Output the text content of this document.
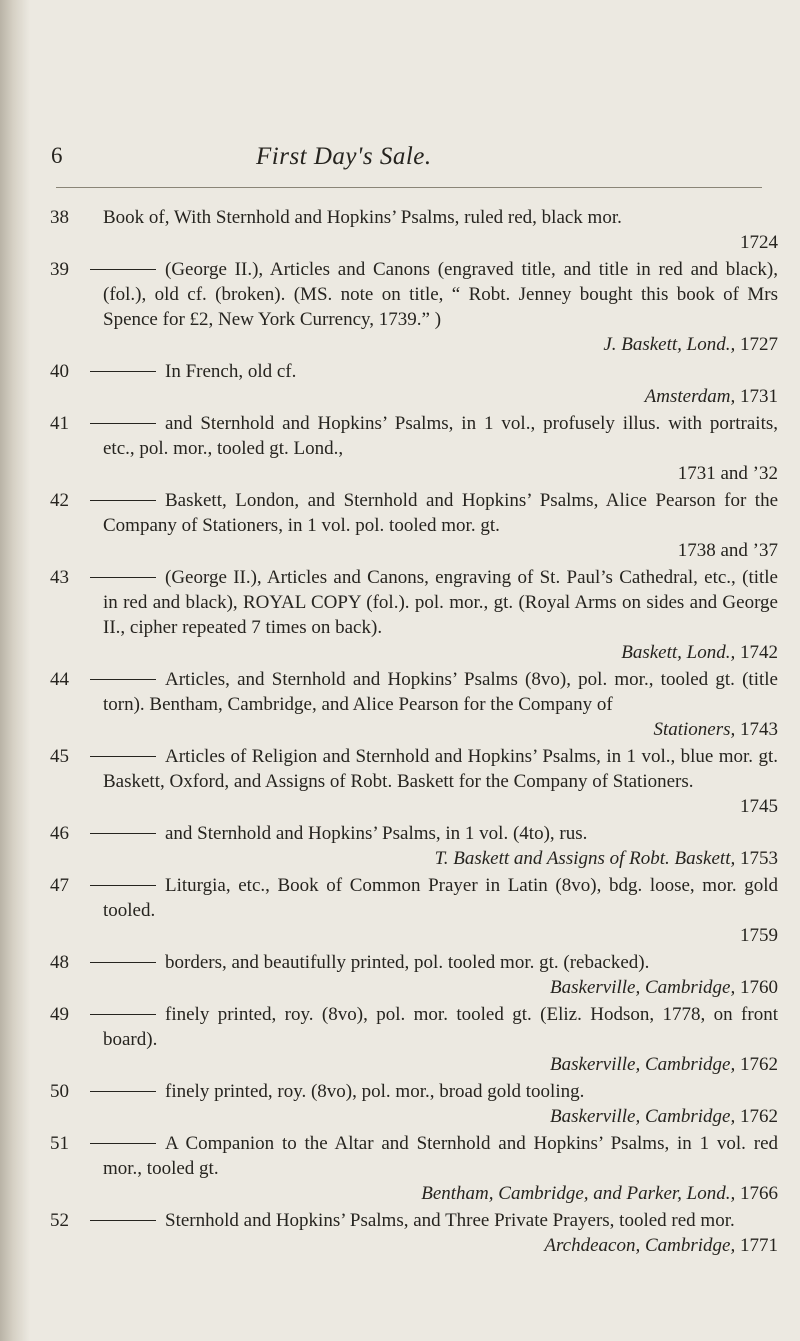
6	First Day's Sale.
38 Book of, With Sternhold and Hopkins’ Psalms, ruled red, black mor.
1724
39	(George II.), Articles and Canons (engraved title, and title in red and black), (fol.), old cf. (broken). (MS. note on title, “ Robt. Jenney bought this book of Mrs Spence for £2, New York Currency, 1739.” )
J. Baskett, Lond., 1727
40	In French, old cf.
Amsterdam, 1731
41	and Sternhold and Hopkins’ Psalms, in 1 vol., profusely illus. with portraits, etc., pol. mor., tooled gt. Lond.,
1731 and ’32
42	Baskett, London, and Sternhold and Hopkins’ Psalms, Alice Pearson for the Company of Stationers, in 1 vol. pol. tooled mor. gt.
1738 and ’37
43	(George II.), Articles and Canons, engraving of St. Paul’s Cathedral, etc., (title in red and black), ROYAL COPY (fol.). pol. mor., gt. (Royal Arms on sides and George II., cipher repeated 7 times on back).
Baskett, Lond., 1742
44	Articles, and Sternhold and Hopkins’ Psalms (8vo), pol. mor., tooled gt. (title torn). Bentham, Cambridge, and Alice Pearson for the Company of
Stationers, 1743
45	Articles of Religion and Sternhold and Hopkins’ Psalms, in 1 vol., blue mor. gt. Baskett, Oxford, and Assigns of Robt. Baskett for the Company of Stationers.
1745
46	and Sternhold and Hopkins’ Psalms, in 1 vol. (4to), rus.
T. Baskett and Assigns of Robt. Baskett, 1753
47	Liturgia, etc., Book of Common Prayer in Latin (8vo), bdg. loose, mor. gold tooled.
1759
48	borders, and beautifully printed, pol. tooled mor. gt. (rebacked).
Baskerville, Cambridge, 1760
49	finely printed, roy. (8vo), pol. mor. tooled gt. (Eliz. Hodson, 1778, on front board).
Baskerville, Cambridge, 1762
50	finely printed, roy. (8vo), pol. mor., broad gold tooling.
Baskerville, Cambridge, 1762
51	A Companion to the Altar and Sternhold and Hopkins’ Psalms, in 1 vol. red mor., tooled gt.
Bentham, Cambridge, and Parker, Lond., 1766
52	Sternhold and Hopkins’ Psalms, and Three Private Prayers, tooled red mor.
Archdeacon, Cambridge, 1771
